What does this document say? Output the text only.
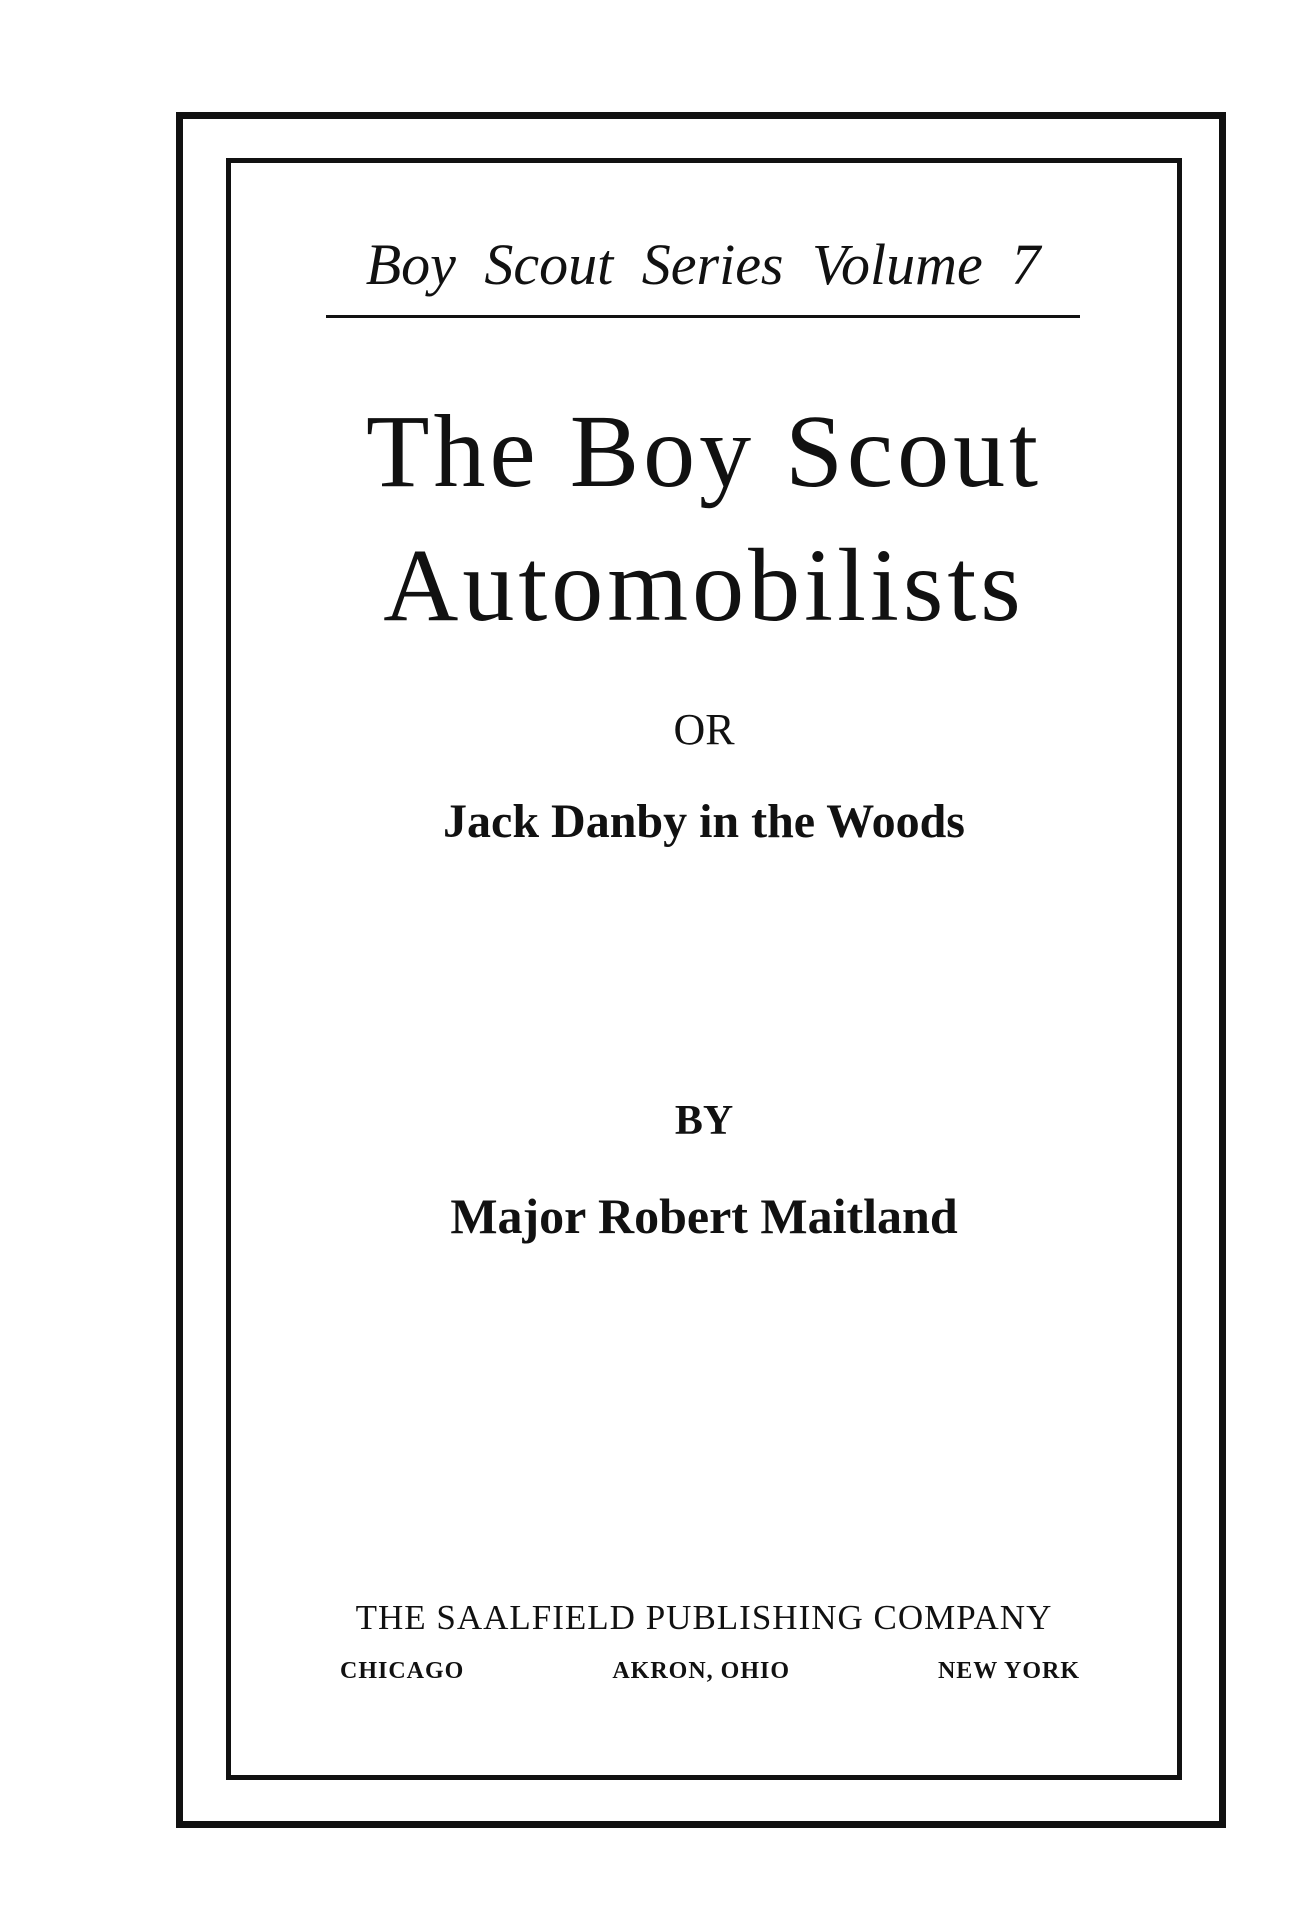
Boy Scout Series Volume 7
The Boy Scout
Automobilists
OR
Jack Danby in the Woods
BY
Major Robert Maitland
THE SAALFIELD PUBLISHING COMPANY
CHICAGO	AKRON, OHIO	NEW YORK
